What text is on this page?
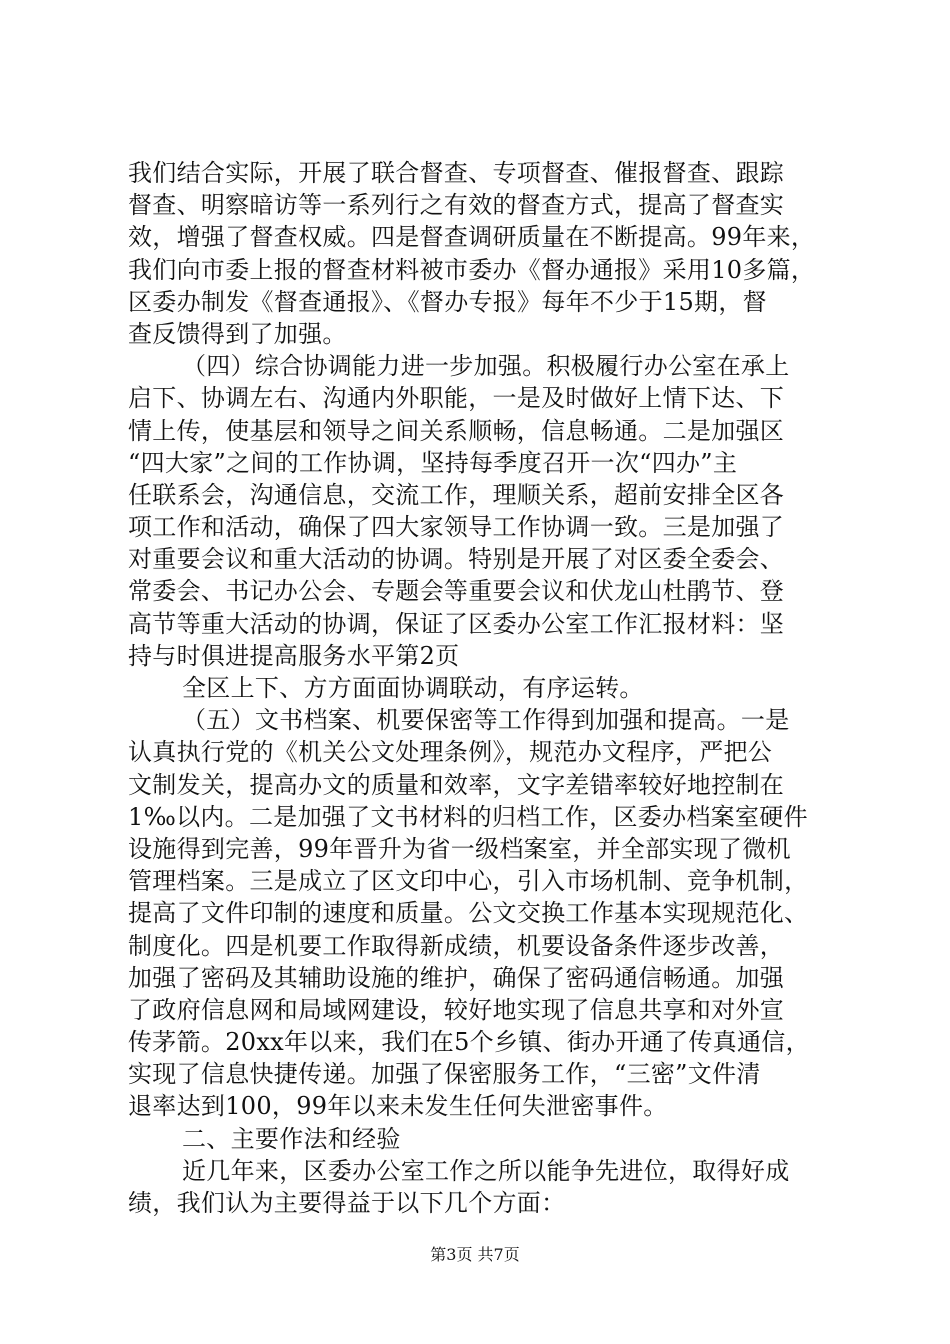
我们结合实际，开展了联合督查、专项督查、催报督查、跟踪
督查、明察暗访等一系列行之有效的督查方式，提高了督查实
效，增强了督查权威。四是督查调研质量在不断提高。99年来，
我们向市委上报的督查材料被市委办《督办通报》采用10多篇，
区委办制发《督查通报》、《督办专报》每年不少于15期，督
查反馈得到了加强。
（四）综合协调能力进一步加强。积极履行办公室在承上
启下、协调左右、沟通内外职能，一是及时做好上情下达、下
情上传，使基层和领导之间关系顺畅，信息畅通。二是加强区
“四大家”之间的工作协调，坚持每季度召开一次“四办”主
任联系会，沟通信息，交流工作，理顺关系，超前安排全区各
项工作和活动，确保了四大家领导工作协调一致。三是加强了
对重要会议和重大活动的协调。特别是开展了对区委全委会、
常委会、书记办公会、专题会等重要会议和伏龙山杜鹃节、登
高节等重大活动的协调，保证了区委办公室工作汇报材料：坚
持与时俱进提高服务水平第2页
全区上下、方方面面协调联动，有序运转。
（五）文书档案、机要保密等工作得到加强和提高。一是
认真执行党的《机关公文处理条例》，规范办文程序，严把公
文制发关，提高办文的质量和效率，文字差错率较好地控制在
1‰以内。二是加强了文书材料的归档工作，区委办档案室硬件
设施得到完善，99年晋升为省一级档案室，并全部实现了微机
管理档案。三是成立了区文印中心，引入市场机制、竞争机制，
提高了文件印制的速度和质量。公文交换工作基本实现规范化、
制度化。四是机要工作取得新成绩，机要设备条件逐步改善，
加强了密码及其辅助设施的维护，确保了密码通信畅通。加强
了政府信息网和局域网建设，较好地实现了信息共享和对外宣
传茅箭。20xx年以来，我们在5个乡镇、街办开通了传真通信，
实现了信息快捷传递。加强了保密服务工作，“三密”文件清
退率达到100，99年以来未发生任何失泄密事件。
二、主要作法和经验
近几年来，区委办公室工作之所以能争先进位，取得好成
绩，我们认为主要得益于以下几个方面：
第3页 共7页
